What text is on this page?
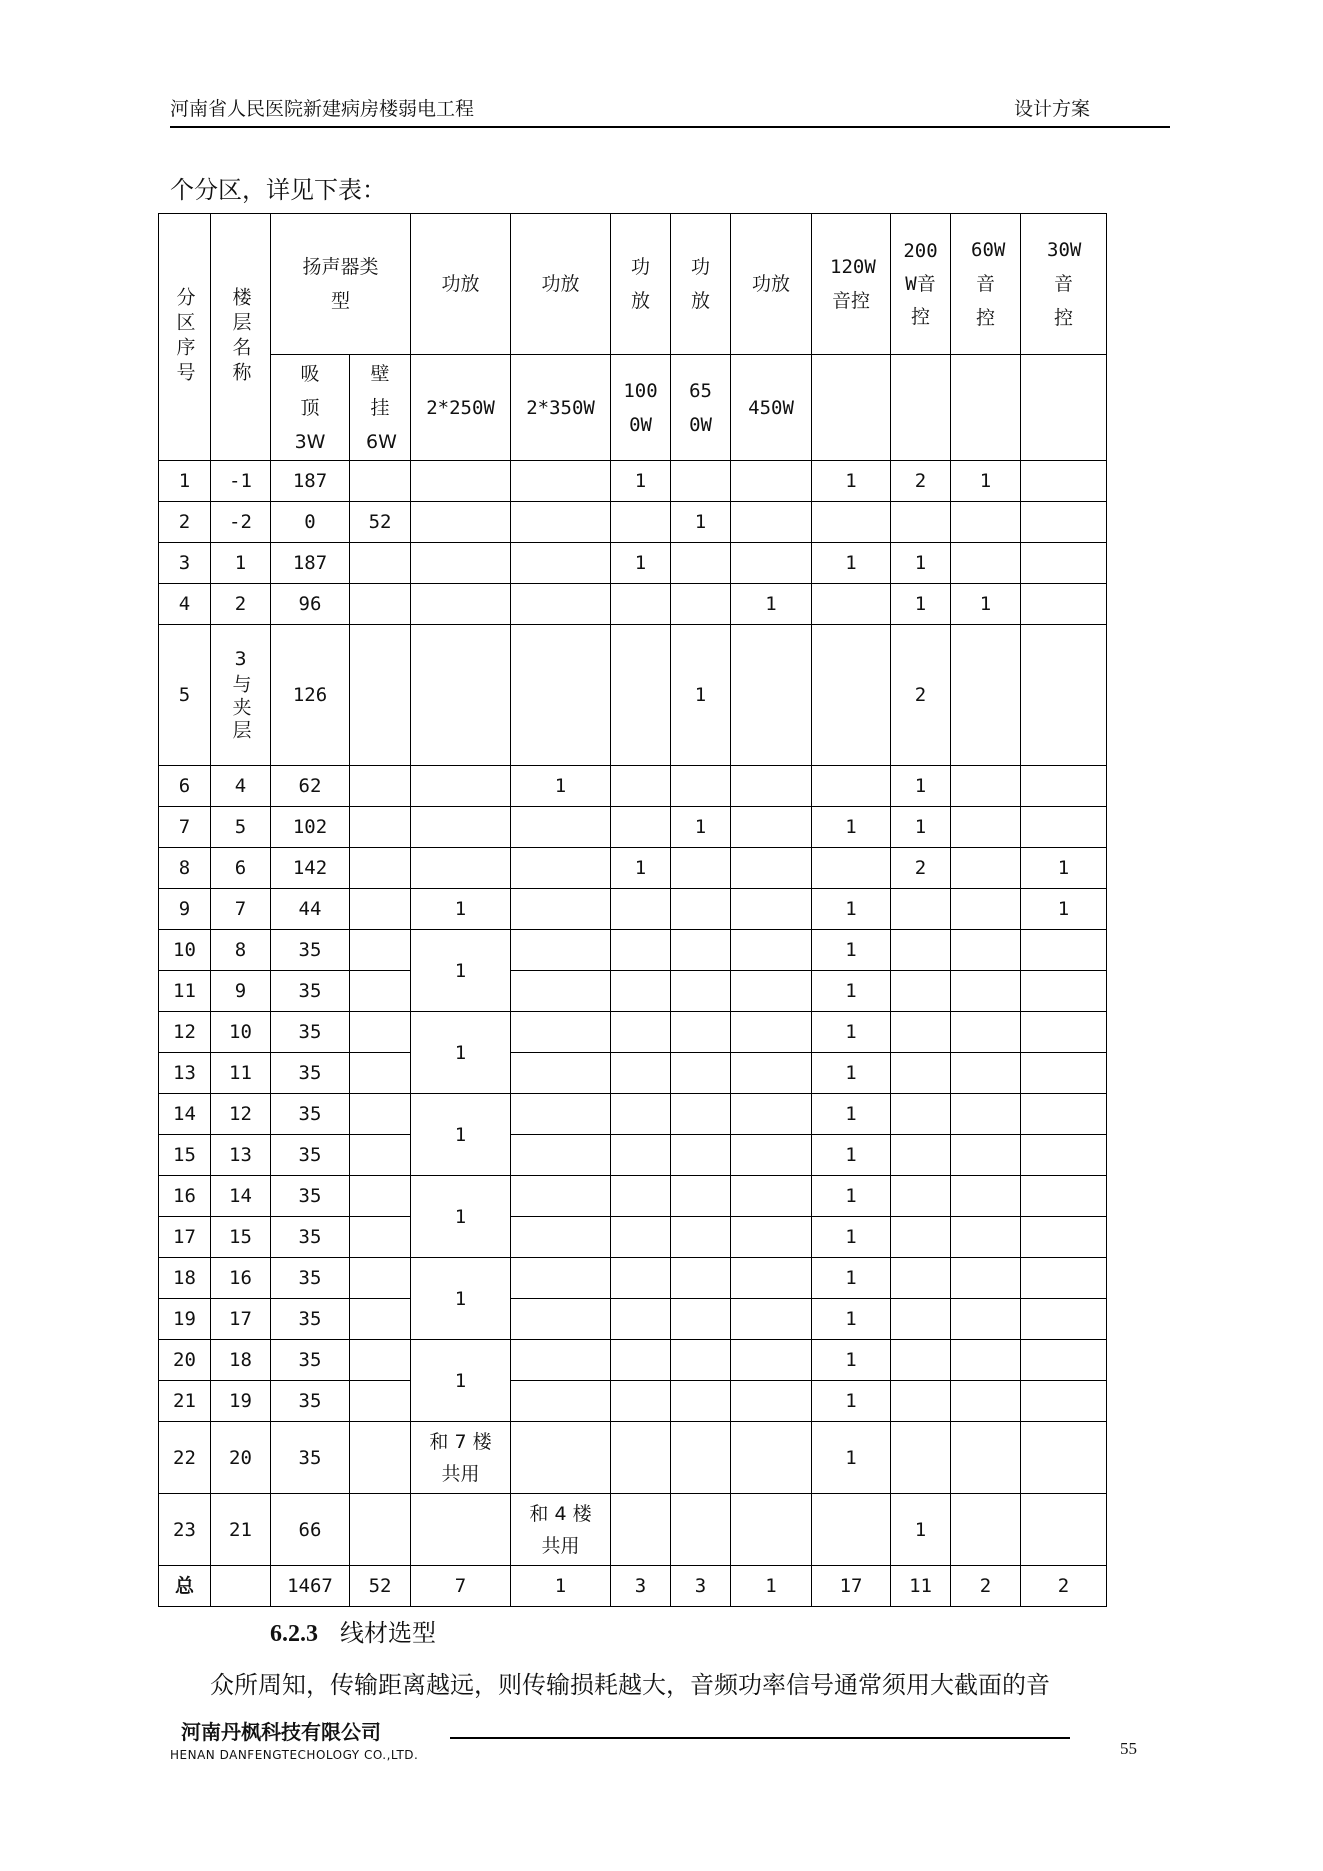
河南省人民医院新建病房楼弱电工程	设计方案
个分区，详见下表：
分区序号	楼层名称	扬声器类型		功放	功放	功放	功放	功放	120W音控	200W音控	60W音控	30W音控
		吸顶3W	壁挂6W	2*250W	2*350W	1000W	650W	450W				
1	-1	187				1			1	2	1	
2	-2	0	52				1					
3	1	187				1			1	1		
4	2	96						1		1	1	
5	3与夹层	126					1			2		
6	4	62			1					1		
7	5	102					1		1	1		
8	6	142				1				2		1
9	7	44		1					1			1
10	8	35		1					1			
11	9	35							1			
12	10	35		1					1			
13	11	35							1			
14	12	35		1					1			
15	13	35							1			
16	14	35		1					1			
17	15	35							1			
18	16	35		1					1			
19	17	35							1			
20	18	35		1					1			
21	19	35							1			
22	20	35		和 7 楼共用					1			
23	21	66			和 4 楼共用					1		
总		1467	52	7	1	3	3	1	17	11	2	2
6.2.3 线材选型
众所周知，传输距离越远，则传输损耗越大，音频功率信号通常须用大截面的音
河南丹枫科技有限公司
HENAN DANFENGTECHOLOGY CO.,LTD.	55
